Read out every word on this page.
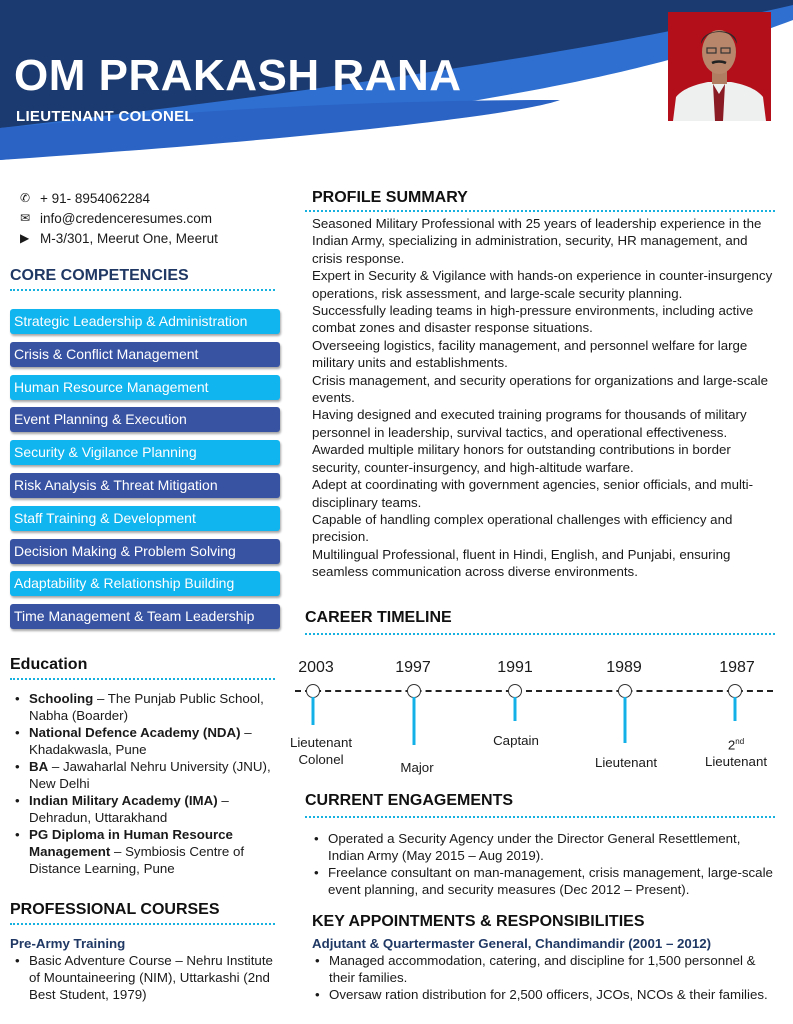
OM PRAKASH RANA
LIEUTENANT COLONEL
✆ + 91- 8954062284
✉ info@credenceresumes.com
▶ M-3/301, Meerut One, Meerut
CORE COMPETENCIES
Strategic Leadership & Administration
Crisis & Conflict Management
Human Resource Management
Event Planning & Execution
Security & Vigilance Planning
Risk Analysis & Threat Mitigation
Staff Training & Development
Decision Making & Problem Solving
Adaptability & Relationship Building
Time Management & Team Leadership
Education
• Schooling – The Punjab Public School, Nabha (Boarder)
• National Defence Academy (NDA) – Khadakwasla, Pune
• BA – Jawaharlal Nehru University (JNU), New Delhi
• Indian Military Academy (IMA) – Dehradun, Uttarakhand
• PG Diploma in Human Resource Management – Symbiosis Centre of Distance Learning, Pune
PROFESSIONAL COURSES
Pre-Army Training
• Basic Adventure Course – Nehru Institute of Mountaineering (NIM), Uttarkashi (2nd Best Student, 1979)
PROFILE SUMMARY

Seasoned Military Professional with 25 years of leadership experience in the Indian Army, specializing in administration, security, HR management, and crisis response.

Expert in Security & Vigilance with hands-on experience in counter-insurgency operations, risk assessment, and large-scale security planning.

Successfully leading teams in high-pressure environments, including active combat zones and disaster response situations.

Overseeing logistics, facility management, and personnel welfare for large military units and establishments.

Crisis management, and security operations for organizations and large-scale events.

Having designed and executed training programs for thousands of military personnel in leadership, survival tactics, and operational effectiveness.

Awarded multiple military honors for outstanding contributions in border security, counter-insurgency, and high-altitude warfare.

Adept at coordinating with government agencies, senior officials, and multi-disciplinary teams.

Capable of handling complex operational challenges with efficiency and precision.

Multilingual Professional, fluent in Hindi, English, and Punjabi, ensuring seamless communication across diverse environments.

CAREER TIMELINE
2003
Lieutenant Colonel
1997
Major
1991
Captain
1989
Lieutenant
1987
2nd
Lieutenant
CURRENT ENGAGEMENTS
• Operated a Security Agency under the Director General Resettlement, Indian Army (May 2015 – Aug 2019).
• Freelance consultant on man-management, crisis management, large-scale event planning, and security measures (Dec 2012 – Present).
KEY APPOINTMENTS & RESPONSIBILITIES
Adjutant & Quartermaster General, Chandimandir (2001 – 2012)
• Managed accommodation, catering, and discipline for 1,500 personnel & their families.
• Oversaw ration distribution for 2,500 officers, JCOs, NCOs & their families.
